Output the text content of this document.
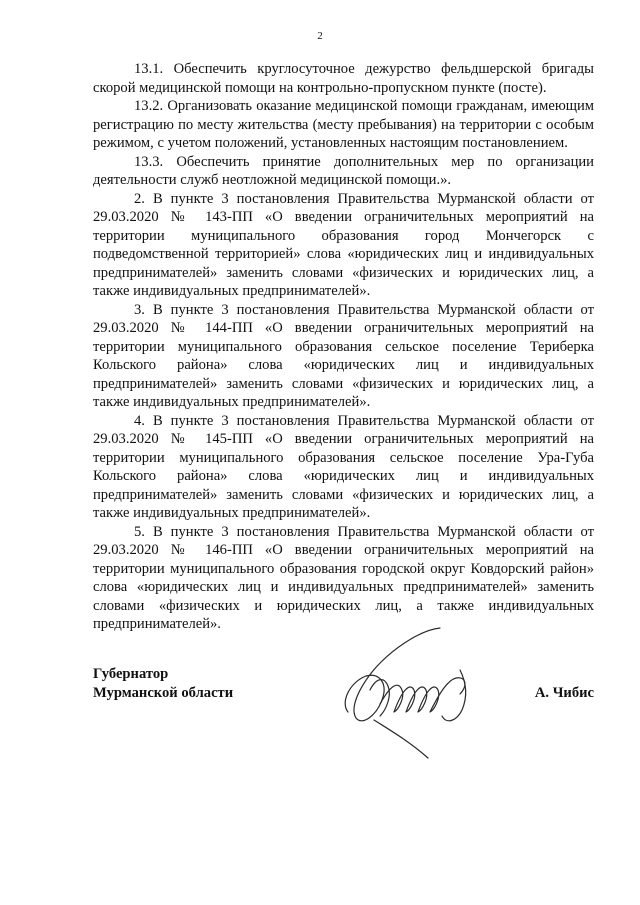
2

13.1. Обеспечить круглосуточное дежурство фельдшерской бригады скорой медицинской помощи на контрольно-пропускном пункте (посте).

13.2. Организовать оказание медицинской помощи гражданам, имеющим регистрацию по месту жительства (месту пребывания) на территории с особым режимом, с учетом положений, установленных настоящим постановлением.

13.3. Обеспечить принятие дополнительных мер по организации деятельности служб неотложной медицинской помощи.».

2. В пункте 3 постановления Правительства Мурманской области от 29.03.2020 № 143-ПП «О введении ограничительных мероприятий на территории муниципального образования город Мончегорск с подведомственной территорией» слова «юридических лиц и индивидуальных предпринимателей» заменить словами «физических и юридических лиц, а также индивидуальных предпринимателей».

3. В пункте 3 постановления Правительства Мурманской области от 29.03.2020 № 144-ПП «О введении ограничительных мероприятий на территории муниципального образования сельское поселение Териберка Кольского района» слова «юридических лиц и индивидуальных предпринимателей» заменить словами «физических и юридических лиц, а также индивидуальных предпринимателей».

4. В пункте 3 постановления Правительства Мурманской области от 29.03.2020 № 145-ПП «О введении ограничительных мероприятий на территории муниципального образования сельское поселение Ура-Губа Кольского района» слова «юридических лиц и индивидуальных предпринимателей» заменить словами «физических и юридических лиц, а также индивидуальных предпринимателей».

5. В пункте 3 постановления Правительства Мурманской области от 29.03.2020 № 146-ПП «О введении ограничительных мероприятий на территории муниципального образования городской округ Ковдорский район» слова «юридических лиц и индивидуальных предпринимателей» заменить словами «физических и юридических лиц, а также индивидуальных предпринимателей».

Губернатор
Мурманской области	А. Чибис
